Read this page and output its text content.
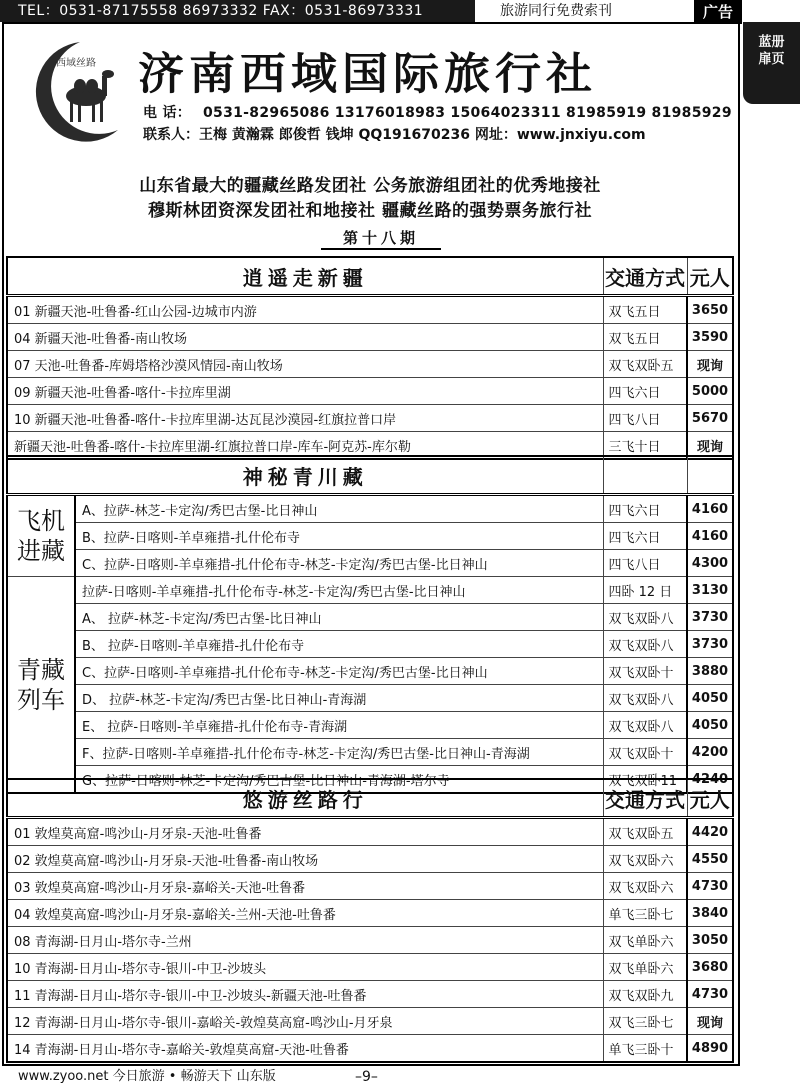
TEL：0531-87175558 86973332 FAX：0531-86973331	旅游同行免费索刊	广告
蓝册
扉页
西域丝路 济南西域国际旅行社
电 话： 0531-82965086 13176018983 15064023311 81985919 81985929
联系人：王梅 黄瀚霖 郎俊哲 钱坤 QQ191670236 网址：www.jnxiyu.com
山东省最大的疆藏丝路发团社 公务旅游组团社的优秀地接社
穆斯林团资深发团社和地接社 疆藏丝路的强势票务旅行社
第十八期
逍遥走新疆	交通方式	元人
01 新疆天池-吐鲁番-红山公园-边城市内游	双飞五日	3650
04 新疆天池-吐鲁番-南山牧场	双飞五日	3590
07 天池-吐鲁番-库姆塔格沙漠风情园-南山牧场	双飞双卧五	现询
09 新疆天池-吐鲁番-喀什-卡拉库里湖	四飞六日	5000
10 新疆天池-吐鲁番-喀什-卡拉库里湖-达瓦昆沙漠园-红旗拉普口岸	四飞八日	5670
新疆天池-吐鲁番-喀什-卡拉库里湖-红旗拉普口岸-库车-阿克苏-库尔勒	三飞十日	现询
神秘青川藏			
飞机进藏	A、拉萨-林芝-卡定沟/秀巴古堡-比日神山	四飞六日	4160
	B、拉萨-日喀则-羊卓雍措-扎什伦布寺	四飞六日	4160
	C、拉萨-日喀则-羊卓雍措-扎什伦布寺-林芝-卡定沟/秀巴古堡-比日神山	四飞八日	4300
青藏列车	拉萨-日喀则-羊卓雍措-扎什伦布寺-林芝-卡定沟/秀巴古堡-比日神山	四卧 12 日	3130
	A、 拉萨-林芝-卡定沟/秀巴古堡-比日神山	双飞双卧八	3730
	B、 拉萨-日喀则-羊卓雍措-扎什伦布寺	双飞双卧八	3730
	C、拉萨-日喀则-羊卓雍措-扎什伦布寺-林芝-卡定沟/秀巴古堡-比日神山	双飞双卧十	3880
	D、 拉萨-林芝-卡定沟/秀巴古堡-比日神山-青海湖	双飞双卧八	4050
	E、 拉萨-日喀则-羊卓雍措-扎什伦布寺-青海湖	双飞双卧八	4050
	F、拉萨-日喀则-羊卓雍措-扎什伦布寺-林芝-卡定沟/秀巴古堡-比日神山-青海湖	双飞双卧十	4200
	G、拉萨-日喀则-林芝-卡定沟/秀巴古堡-比日神山-青海湖-塔尔寺	双飞双卧11	4240
悠游丝路行	交通方式	元人
01 敦煌莫高窟-鸣沙山-月牙泉-天池-吐鲁番	双飞双卧五	4420
02 敦煌莫高窟-鸣沙山-月牙泉-天池-吐鲁番-南山牧场	双飞双卧六	4550
03 敦煌莫高窟-鸣沙山-月牙泉-嘉峪关-天池-吐鲁番	双飞双卧六	4730
04 敦煌莫高窟-鸣沙山-月牙泉-嘉峪关-兰州-天池-吐鲁番	单飞三卧七	3840
08 青海湖-日月山-塔尔寺-兰州	双飞单卧六	3050
10 青海湖-日月山-塔尔寺-银川-中卫-沙坡头	双飞单卧六	3680
11 青海湖-日月山-塔尔寺-银川-中卫-沙坡头-新疆天池-吐鲁番	双飞双卧九	4730
12 青海湖-日月山-塔尔寺-银川-嘉峪关-敦煌莫高窟-鸣沙山-月牙泉	双飞三卧七	现询
14 青海湖-日月山-塔尔寺-嘉峪关-敦煌莫高窟-天池-吐鲁番	单飞三卧十	4890
www.zyoo.net 今日旅游 • 畅游天下 山东版	–9–
